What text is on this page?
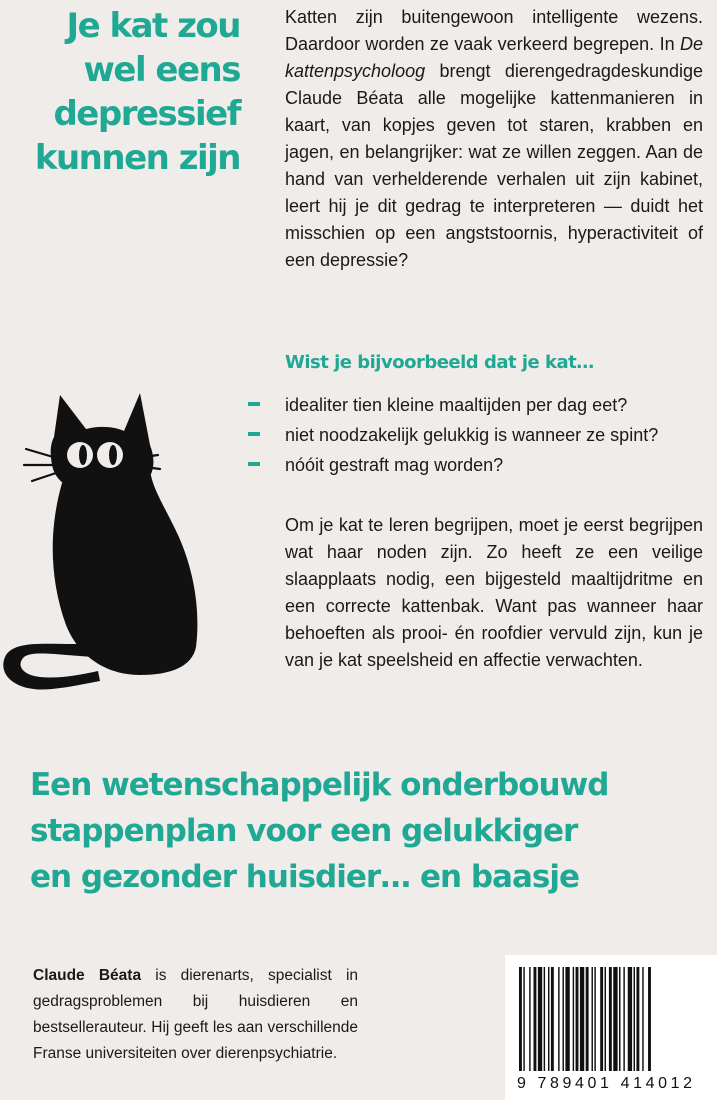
Je kat zou
wel eens
depressief
kunnen zijn

Katten zijn buitengewoon intelligente wezens. Daardoor worden ze vaak verkeerd begrepen. In De kattenpsycholoog brengt dierengedragdeskundige Claude Béata alle mogelijke kattenmanieren in kaart, van kopjes geven tot staren, krabben en jagen, en belangrijker: wat ze willen zeggen. Aan de hand van verhelderende verhalen uit zijn kabinet, leert hij je dit gedrag te interpreteren — duidt het misschien op een angststoornis, hyperactiviteit of een depressie?

Wist je bijvoorbeeld dat je kat…
idealiter tien kleine maaltijden per dag eet?
niet noodzakelijk gelukkig is wanneer ze spint?
nóóit gestraft mag worden?

Om je kat te leren begrijpen, moet je eerst begrijpen wat haar noden zijn. Zo heeft ze een veilige slaapplaats nodig, een bijgesteld maaltijdritme en een correcte kattenbak. Want pas wanneer haar behoeften als prooi- én roofdier vervuld zijn, kun je van je kat speelsheid en affectie verwachten.

Een wetenschappelijk onderbouwd
stappenplan voor een gelukkiger
en gezonder huisdier… en baasje

Claude Béata is dierenarts, specialist in gedragsproblemen bij huisdieren en bestsellerauteur. Hij geeft les aan verschillende Franse universiteiten over dierenpsychiatrie.

9 789401 414012
